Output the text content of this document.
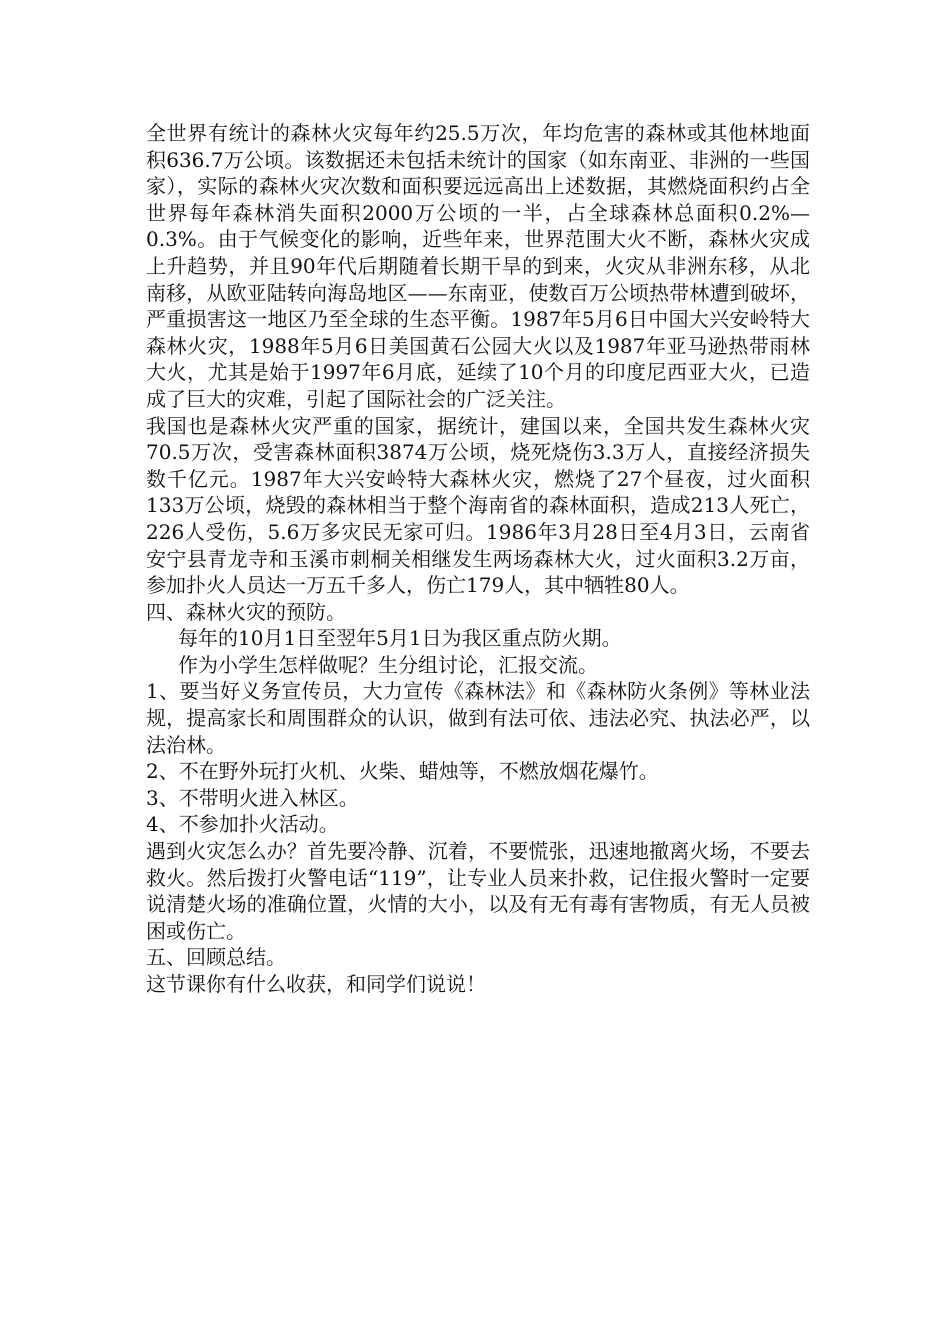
全世界有统计的森林火灾每年约25.5万次，年均危害的森林或其他林地面积636.7万公顷。该数据还未包括未统计的国家（如东南亚、非洲的一些国家），实际的森林火灾次数和面积要远远高出上述数据，其燃烧面积约占全世界每年森林消失面积2000万公顷的一半，占全球森林总面积0.2%—0.3%。由于气候变化的影响，近些年来，世界范围大火不断，森林火灾成上升趋势，并且90年代后期随着长期干旱的到来，火灾从非洲东移，从北南移，从欧亚陆转向海岛地区——东南亚，使数百万公顷热带林遭到破坏，严重损害这一地区乃至全球的生态平衡。1987年5月6日中国大兴安岭特大森林火灾，1988年5月6日美国黄石公园大火以及1987年亚马逊热带雨林大火，尤其是始于1997年6月底，延续了10个月的印度尼西亚大火，已造成了巨大的灾难，引起了国际社会的广泛关注。

我国也是森林火灾严重的国家，据统计，建国以来，全国共发生森林火灾70.5万次，受害森林面积3874万公顷，烧死烧伤3.3万人，直接经济损失数千亿元。1987年大兴安岭特大森林火灾，燃烧了27个昼夜，过火面积133万公顷，烧毁的森林相当于整个海南省的森林面积，造成213人死亡，226人受伤，5.6万多灾民无家可归。1986年3月28日至4月3日，云南省安宁县青龙寺和玉溪市刺桐关相继发生两场森林大火，过火面积3.2万亩，参加扑火人员达一万五千多人，伤亡179人，其中牺牲80人。

四、森林火灾的预防。

每年的10月1日至翌年5月1日为我区重点防火期。

作为小学生怎样做呢？生分组讨论，汇报交流。

1、要当好义务宣传员，大力宣传《森林法》和《森林防火条例》等林业法规，提高家长和周围群众的认识，做到有法可依、违法必究、执法必严，以法治林。

2、不在野外玩打火机、火柴、蜡烛等，不燃放烟花爆竹。

3、不带明火进入林区。

4、不参加扑火活动。

遇到火灾怎么办？首先要冷静、沉着，不要慌张，迅速地撤离火场，不要去救火。然后拨打火警电话“119”，让专业人员来扑救，记住报火警时一定要说清楚火场的准确位置，火情的大小，以及有无有毒有害物质，有无人员被困或伤亡。

五、回顾总结。

这节课你有什么收获，和同学们说说！
